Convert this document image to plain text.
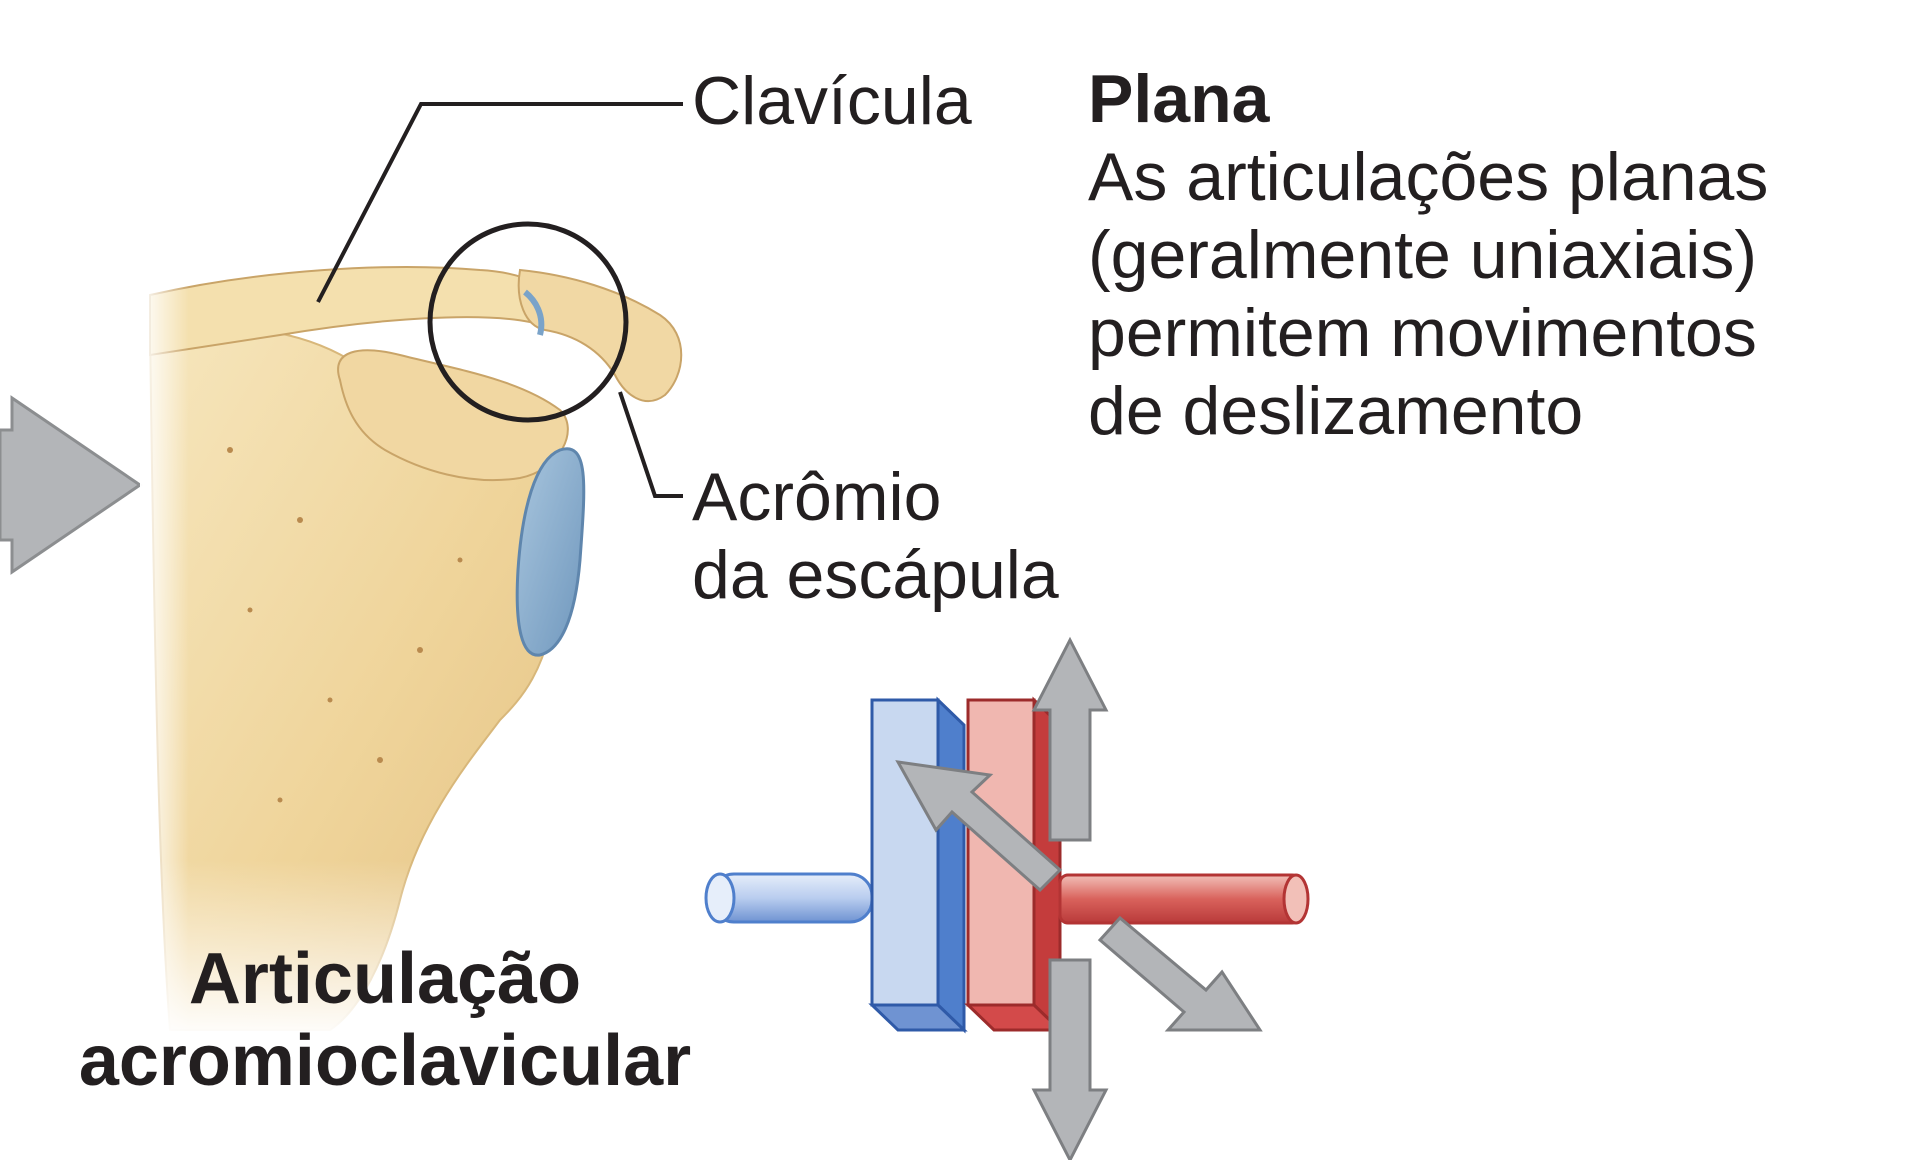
Clavícula Plana
As articulações planas
(geralmente uniaxiais)
permitem movimentos
de deslizamento
Acrômio
da escápula
Articulação
acromioclavicular
